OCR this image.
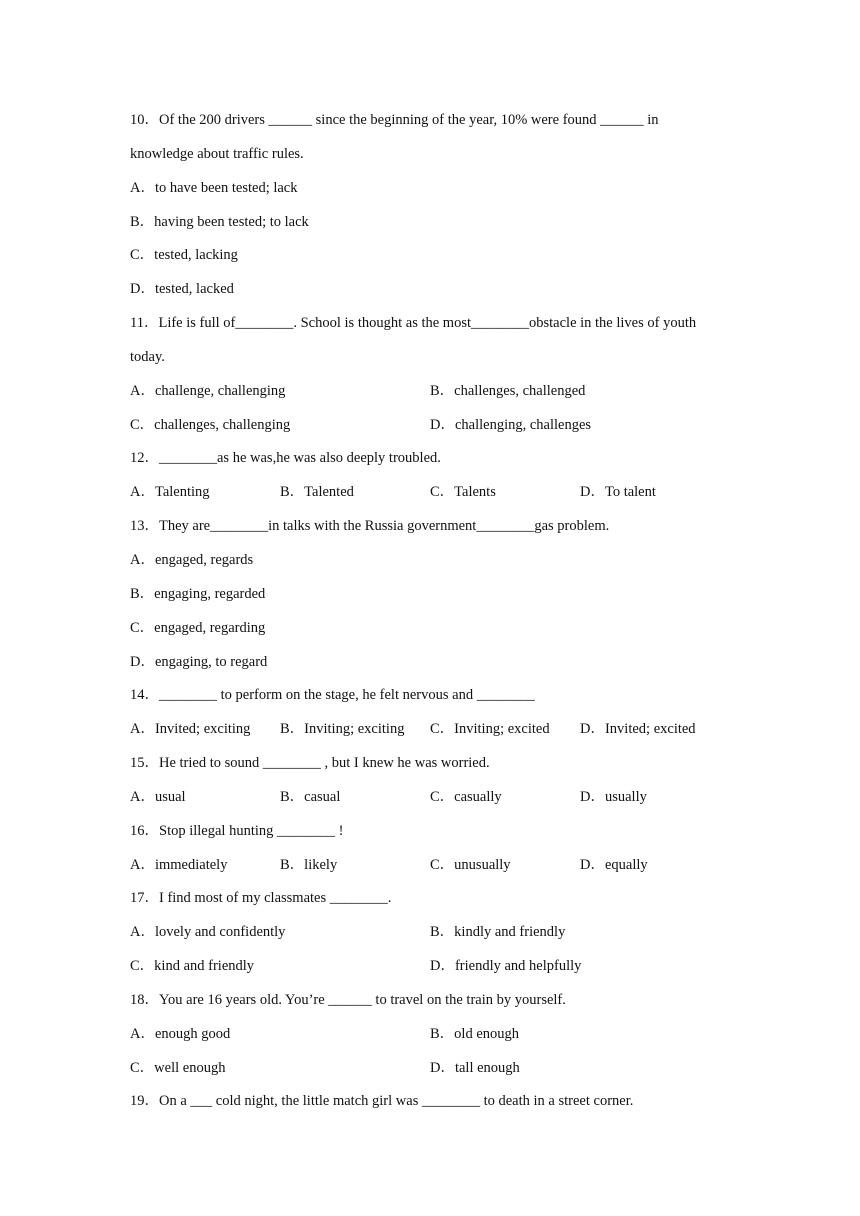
10．Of the 200 drivers ______ since the beginning of the year, 10% were found ______ in
knowledge about traffic rules.
A．to have been tested; lack
B．having been tested; to lack
C．tested, lacking
D．tested, lacked
11．Life is full of________. School is thought as the most________obstacle in the lives of youth
today.
A．challenge, challenging	B．challenges, challenged
C．challenges, challenging	D．challenging, challenges
12．________as he was,he was also deeply troubled.
A．Talenting	B．Talented	C．Talents	D．To talent
13．They are________in talks with the Russia government________gas problem.
A．engaged, regards
B．engaging, regarded
C．engaged, regarding
D．engaging, to regard
14．________ to perform on the stage, he felt nervous and ________
A．Invited; exciting	B．Inviting; exciting	C．Inviting; excited	D．Invited; excited
15．He tried to sound ________ , but I knew he was worried.
A．usual	B．casual	C．casually	D．usually
16．Stop illegal hunting ________ !
A．immediately	B．likely	C．unusually	D．equally
17．I find most of my classmates ________.
A．lovely and confidently	B．kindly and friendly
C．kind and friendly	D．friendly and helpfully
18．You are 16 years old. You’re ______ to travel on the train by yourself.
A．enough good	B．old enough
C．well enough	D．tall enough
19．On a ___ cold night, the little match girl was ________ to death in a street corner.
